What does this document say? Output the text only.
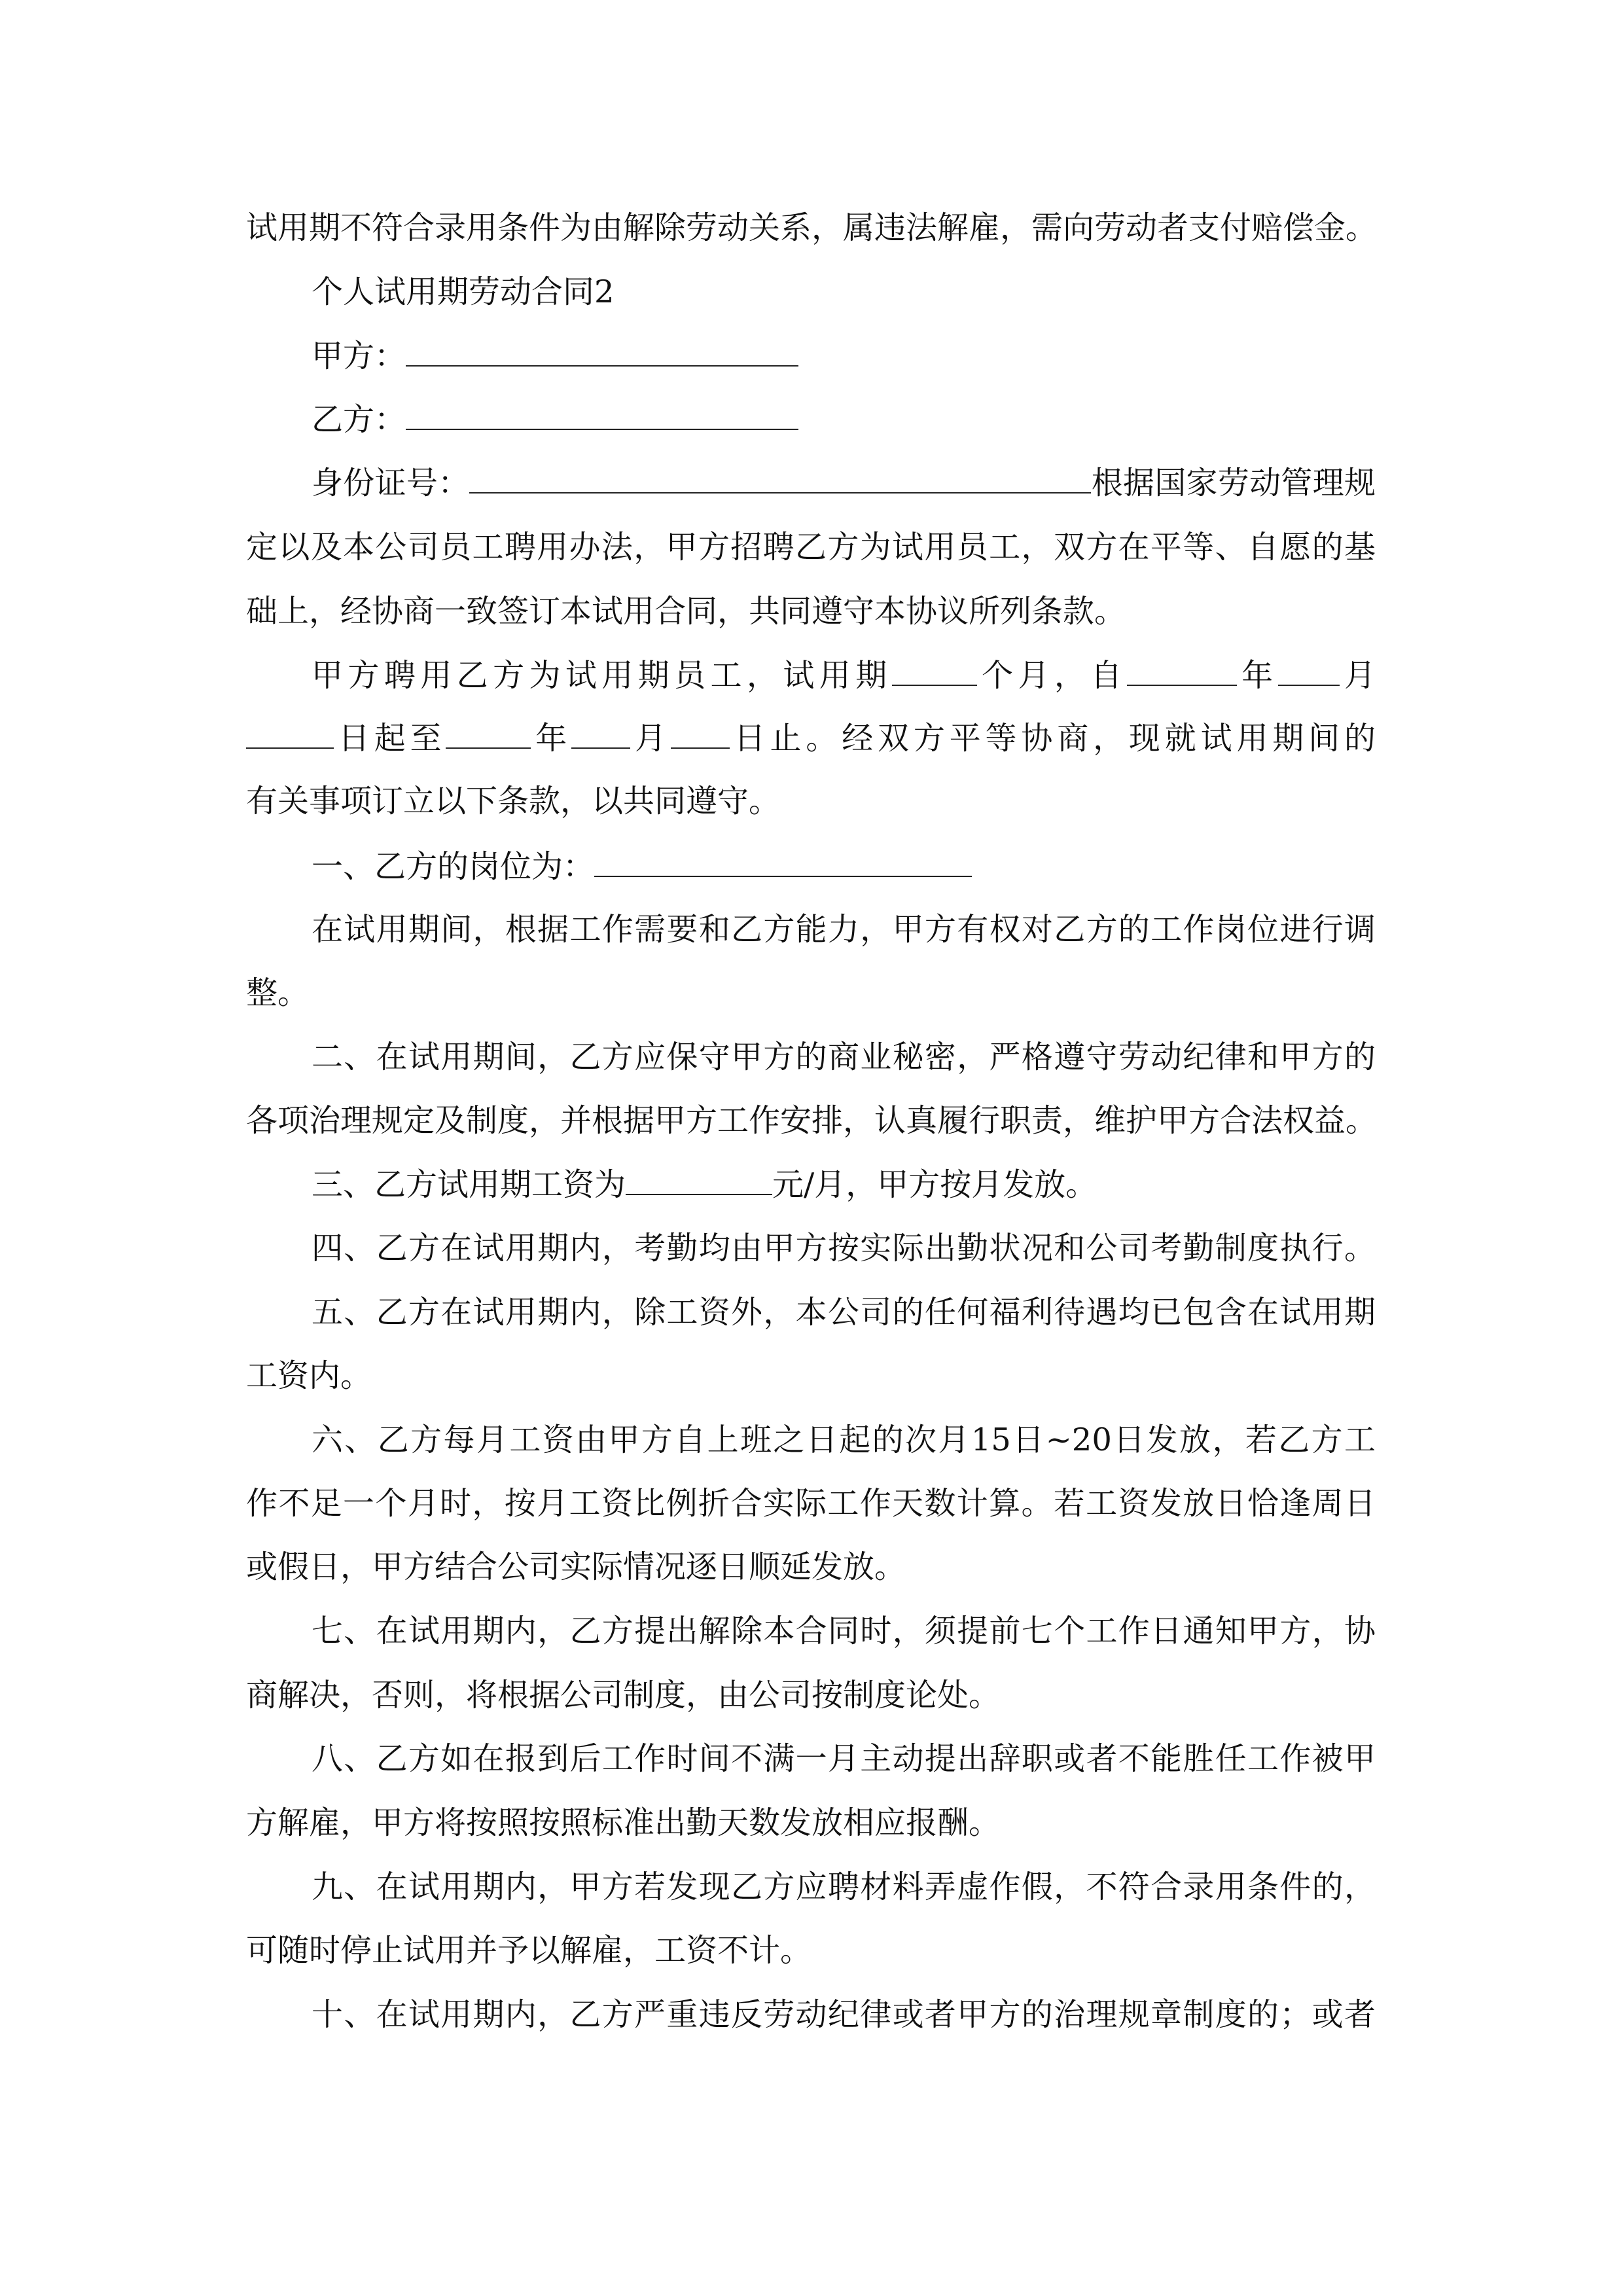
试用期不符合录用条件为由解除劳动关系，属违法解雇，需向劳动者支付赔偿金。
个人试用期劳动合同2
甲方：
乙方：
身份证号：	根据国家劳动管理规
定以及本公司员工聘用办法，甲方招聘乙方为试用员工，双方在平等、自愿的基
础上，经协商一致签订本试用合同，共同遵守本协议所列条款。
甲方聘用乙方为试用期员工，试用期	个月，自	年 月
日起至	年 月 日止。经双方平等协商，现就试用期间的
有关事项订立以下条款，以共同遵守。
一、乙方的岗位为：
在试用期间，根据工作需要和乙方能力，甲方有权对乙方的工作岗位进行调
整。
二、在试用期间，乙方应保守甲方的商业秘密，严格遵守劳动纪律和甲方的
各项治理规定及制度，并根据甲方工作安排，认真履行职责，维护甲方合法权益。
三、乙方试用期工资为	元/月，甲方按月发放。
四、乙方在试用期内，考勤均由甲方按实际出勤状况和公司考勤制度执行。
五、乙方在试用期内，除工资外，本公司的任何福利待遇均已包含在试用期
工资内。
六、乙方每月工资由甲方自上班之日起的次月15日~20日发放，若乙方工
作不足一个月时，按月工资比例折合实际工作天数计算。若工资发放日恰逢周日
或假日，甲方结合公司实际情况逐日顺延发放。
七、在试用期内，乙方提出解除本合同时，须提前七个工作日通知甲方，协
商解决，否则，将根据公司制度，由公司按制度论处。
八、乙方如在报到后工作时间不满一月主动提出辞职或者不能胜任工作被甲
方解雇，甲方将按照按照标准出勤天数发放相应报酬。
九、在试用期内，甲方若发现乙方应聘材料弄虚作假，不符合录用条件的，
可随时停止试用并予以解雇，工资不计。
十、在试用期内，乙方严重违反劳动纪律或者甲方的治理规章制度的；或者
